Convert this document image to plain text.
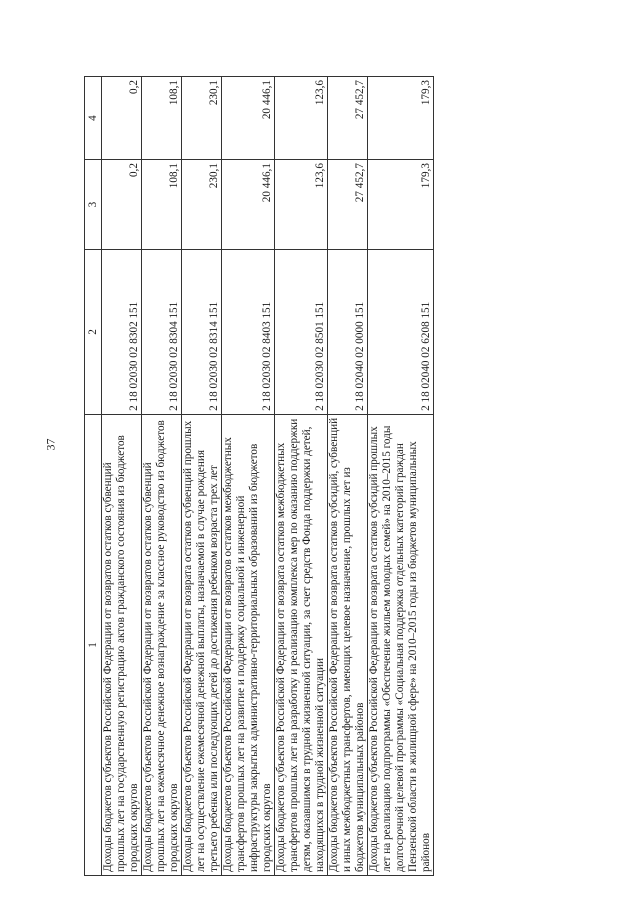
37
1	2	3	4
Доходы бюджетов субъектов Российской Федерации от возвратов остатков субвенций прошлых лет на государственную регистрацию актов гражданского состояния из бюджетов городских округов	2 18 02030 02 8302 151	0,2	0,2
Доходы бюджетов субъектов Российской Федерации от возвратов остатков субвенций прошлых лет на ежемесячное денежное вознаграждение за классное руководство из бюджетов городских округов	2 18 02030 02 8304 151	108,1	108,1
Доходы бюджетов субъектов Российской Федерации от возврата остатков субвенций прошлых лет на осуществление ежемесячной денежной выплаты, назначаемой в случае рождения третьего ребенка или последующих детей до достижения ребенком возраста трех лет	2 18 02030 02 8314 151	230,1	230,1
Доходы бюджетов субъектов Российской Федерации от возвратов остатков межбюджетных трансфертов прошлых лет на развитие и поддержку социальной и инженерной инфраструктуры закрытых административно-территориальных образований из бюджетов городских округов	2 18 02030 02 8403 151	20 446,1	20 446,1
Доходы бюджетов субъектов Российской Федерации от возврата остатков межбюджетных трансфертов прошлых лет на разработку и реализацию комплекса мер по оказанию поддержки детям, оказавшимся в трудной жизненной ситуации, за счет средств Фонда поддержки детей, находящихся в трудной жизненной ситуации	2 18 02030 02 8501 151	123,6	123,6
Доходы бюджетов субъектов Российской Федерации от возврата остатков субсидий, субвенций и иных межбюджетных трансфертов, имеющих целевое назначение, прошлых лет из бюджетов муниципальных районов	2 18 02040 02 0000 151	27 452,7	27 452,7
Доходы бюджетов субъектов Российской Федерации от возврата остатков субсидий прошлых лет на реализацию подпрограммы «Обеспечение жильем молодых семей» на 2010–2015 годы долгосрочной целевой программы «Социальная поддержка отдельных категорий граждан Пензенской области в жилищной сфере» на 2010–2015 годы из бюджетов муниципальных районов	2 18 02040 02 6208 151	179,3	179,3
